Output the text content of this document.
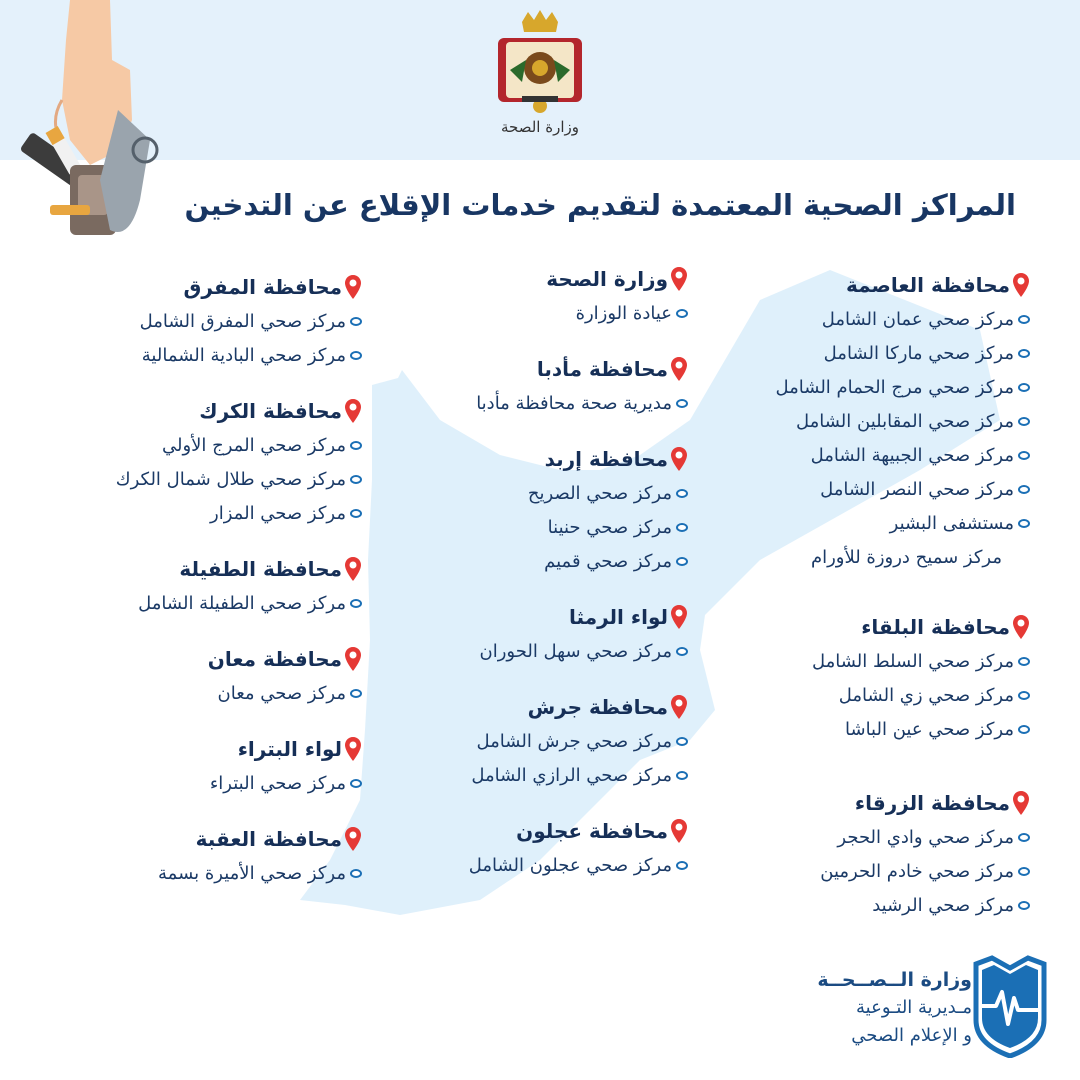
وزارة الصحة
المراكز الصحية المعتمدة لتقديم خدمات الإقلاع عن التدخين
محافظة العاصمة
مركز صحي عمان الشامل
مركز صحي ماركا الشامل
مركز صحي مرج الحمام الشامل
مركز صحي المقابلين الشامل
مركز صحي الجبيهة الشامل
مركز صحي النصر الشامل
مستشفى البشير
مركز سميح دروزة للأورام
محافظة البلقاء
مركز صحي السلط الشامل
مركز صحي زي الشامل
مركز صحي عين الباشا
محافظة الزرقاء
مركز صحي وادي الحجر
مركز صحي خادم الحرمين
مركز صحي الرشيد
وزارة الصحة
عيادة الوزارة
محافظة مأدبا
مديرية صحة محافظة مأدبا
محافظة إربد
مركز صحي الصريح
مركز صحي حنينا
مركز صحي قميم
لواء الرمثا
مركز صحي سهل الحوران
محافظة جرش
مركز صحي جرش الشامل
مركز صحي الرازي الشامل
محافظة عجلون
مركز صحي عجلون الشامل
محافظة المفرق
مركز صحي المفرق الشامل
مركز صحي البادية الشمالية
محافظة الكرك
مركز صحي المرج الأولي
مركز صحي طلال شمال الكرك
مركز صحي المزار
محافظة الطفيلة
مركز صحي الطفيلة الشامل
محافظة معان
مركز صحي معان
لواء البتراء
مركز صحي البتراء
محافظة العقبة
مركز صحي الأميرة بسمة
وزارة الــصــحــة
مـديرية التـوعية
و الإعلام الصحي
